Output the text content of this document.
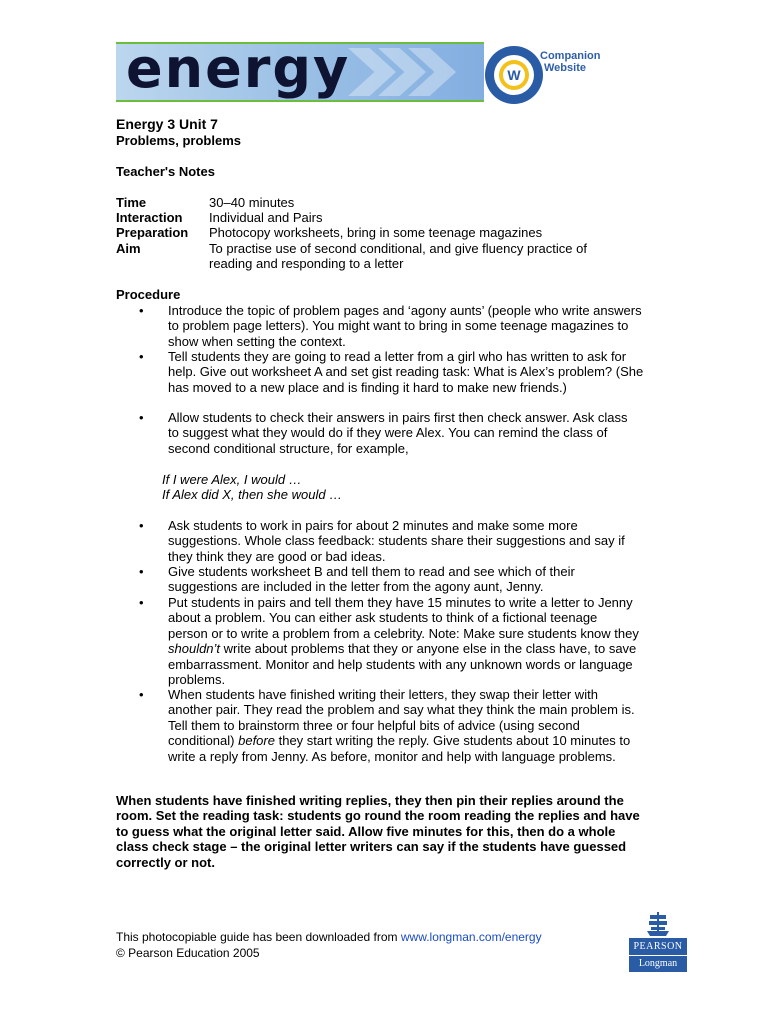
energy	W
Companion
Website
Energy 3 Unit 7
Problems, problems
Teacher's Notes
Time	30–40 minutes
Interaction	Individual and Pairs
Preparation	Photocopy worksheets, bring in some teenage magazines
Aim	To practise use of second conditional, and give fluency practice of reading and responding to a letter
Procedure
• Introduce the topic of problem pages and ‘agony aunts’ (people who write answers to problem page letters). You might want to bring in some teenage magazines to show when setting the context.
• Tell students they are going to read a letter from a girl who has written to ask for help. Give out worksheet A and set gist reading task: What is Alex’s problem? (She has moved to a new place and is finding it hard to make new friends.)
• Allow students to check their answers in pairs first then check answer. Ask class to suggest what they would do if they were Alex. You can remind the class of second conditional structure, for example,
If I were Alex, I would …
If Alex did X, then she would …
• Ask students to work in pairs for about 2 minutes and make some more suggestions. Whole class feedback: students share their suggestions and say if they think they are good or bad ideas.
• Give students worksheet B and tell them to read and see which of their suggestions are included in the letter from the agony aunt, Jenny.
• Put students in pairs and tell them they have 15 minutes to write a letter to Jenny about a problem. You can either ask students to think of a fictional teenage person or to write a problem from a celebrity. Note: Make sure students know they shouldn’t write about problems that they or anyone else in the class have, to save embarrassment. Monitor and help students with any unknown words or language problems.
• When students have finished writing their letters, they swap their letter with another pair. They read the problem and say what they think the main problem is. Tell them to brainstorm three or four helpful bits of advice (using second conditional) before they start writing the reply. Give students about 10 minutes to write a reply from Jenny. As before, monitor and help with language problems.
When students have finished writing replies, they then pin their replies around the room. Set the reading task: students go round the room reading the replies and have to guess what the original letter said. Allow five minutes for this, then do a whole class check stage – the original letter writers can say if the students have guessed correctly or not.
This photocopiable guide has been downloaded from www.longman.com/energy
© Pearson Education 2005	PEARSON
Longman
